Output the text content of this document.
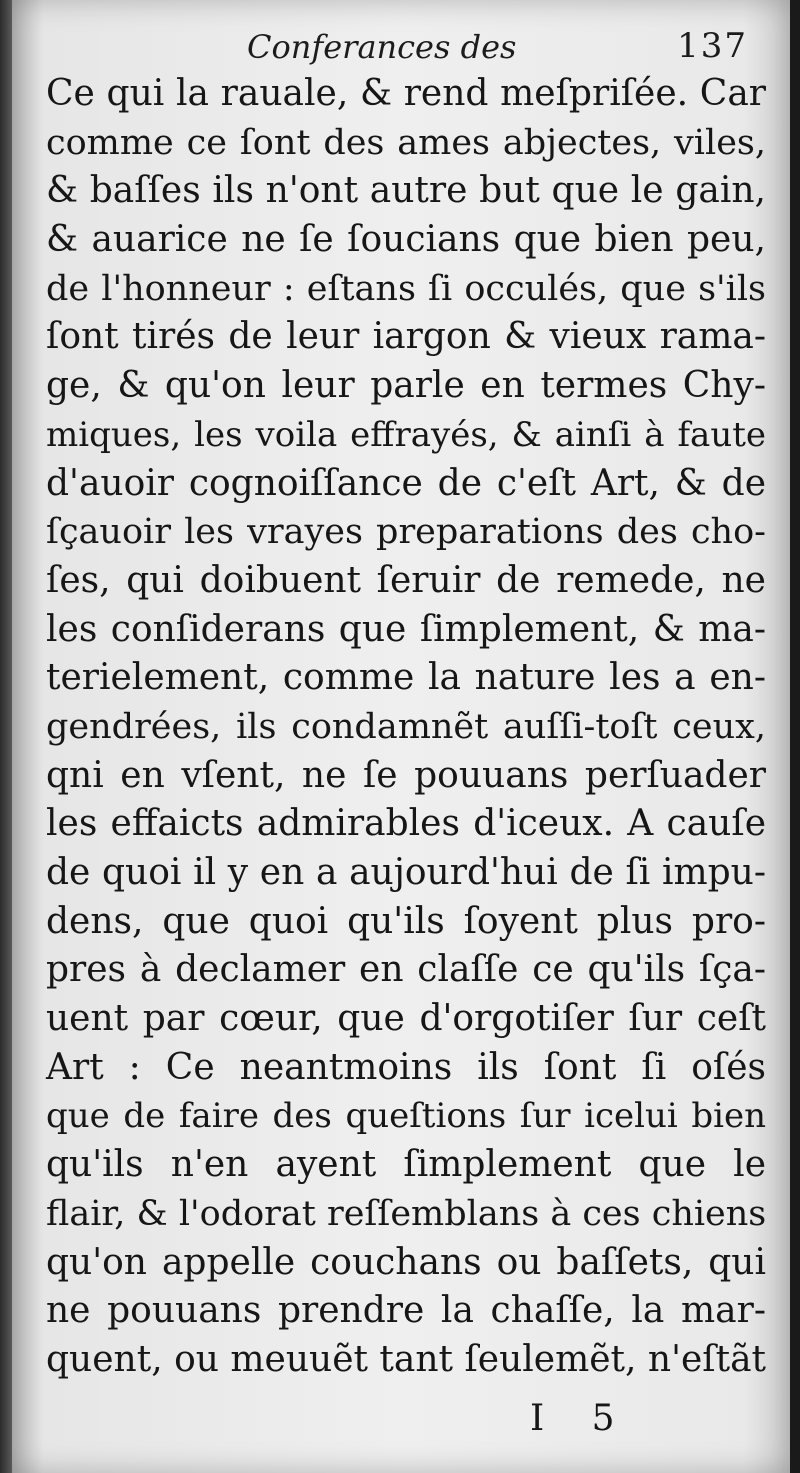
Conferances des	137
Ce qui la rauale, & rend meſpriſée. Car
comme ce ſont des ames abjectes, viles,
& baſſes ils n'ont autre but que le gain,
& auarice ne ſe ſoucians que bien peu,
de l'honneur : eſtans ſi occulés, que s'ils
ſont tirés de leur iargon & vieux rama-
ge, & qu'on leur parle en termes Chy-
miques, les voila effrayés, & ainſi à faute
d'auoir cognoiſſance de c'eſt Art, & de
ſçauoir les vrayes preparations des cho-
ſes, qui doibuent ſeruir de remede, ne
les conſiderans que ſimplement, & ma-
terielement, comme la nature les a en-
gendrées, ils condamnẽt auſſi-toſt ceux,
qni en vſent, ne ſe pouuans perſuader
les effaicts admirables d'iceux. A cauſe
de quoi il y en a aujourd'hui de ſi impu-
dens, que quoi qu'ils ſoyent plus pro-
pres à declamer en claſſe ce qu'ils ſça-
uent par cœur, que d'orgotiſer ſur ceſt
Art : Ce neantmoins ils ſont ſi oſés
que de faire des queſtions ſur icelui bien
qu'ils n'en ayent ſimplement que le
flair, & l'odorat reſſemblans à ces chiens
qu'on appelle couchans ou baſſets, qui
ne pouuans prendre la chaſſe, la mar-
quent, ou meuuẽt tant ſeulemẽt, n'eſtãt
I 5
